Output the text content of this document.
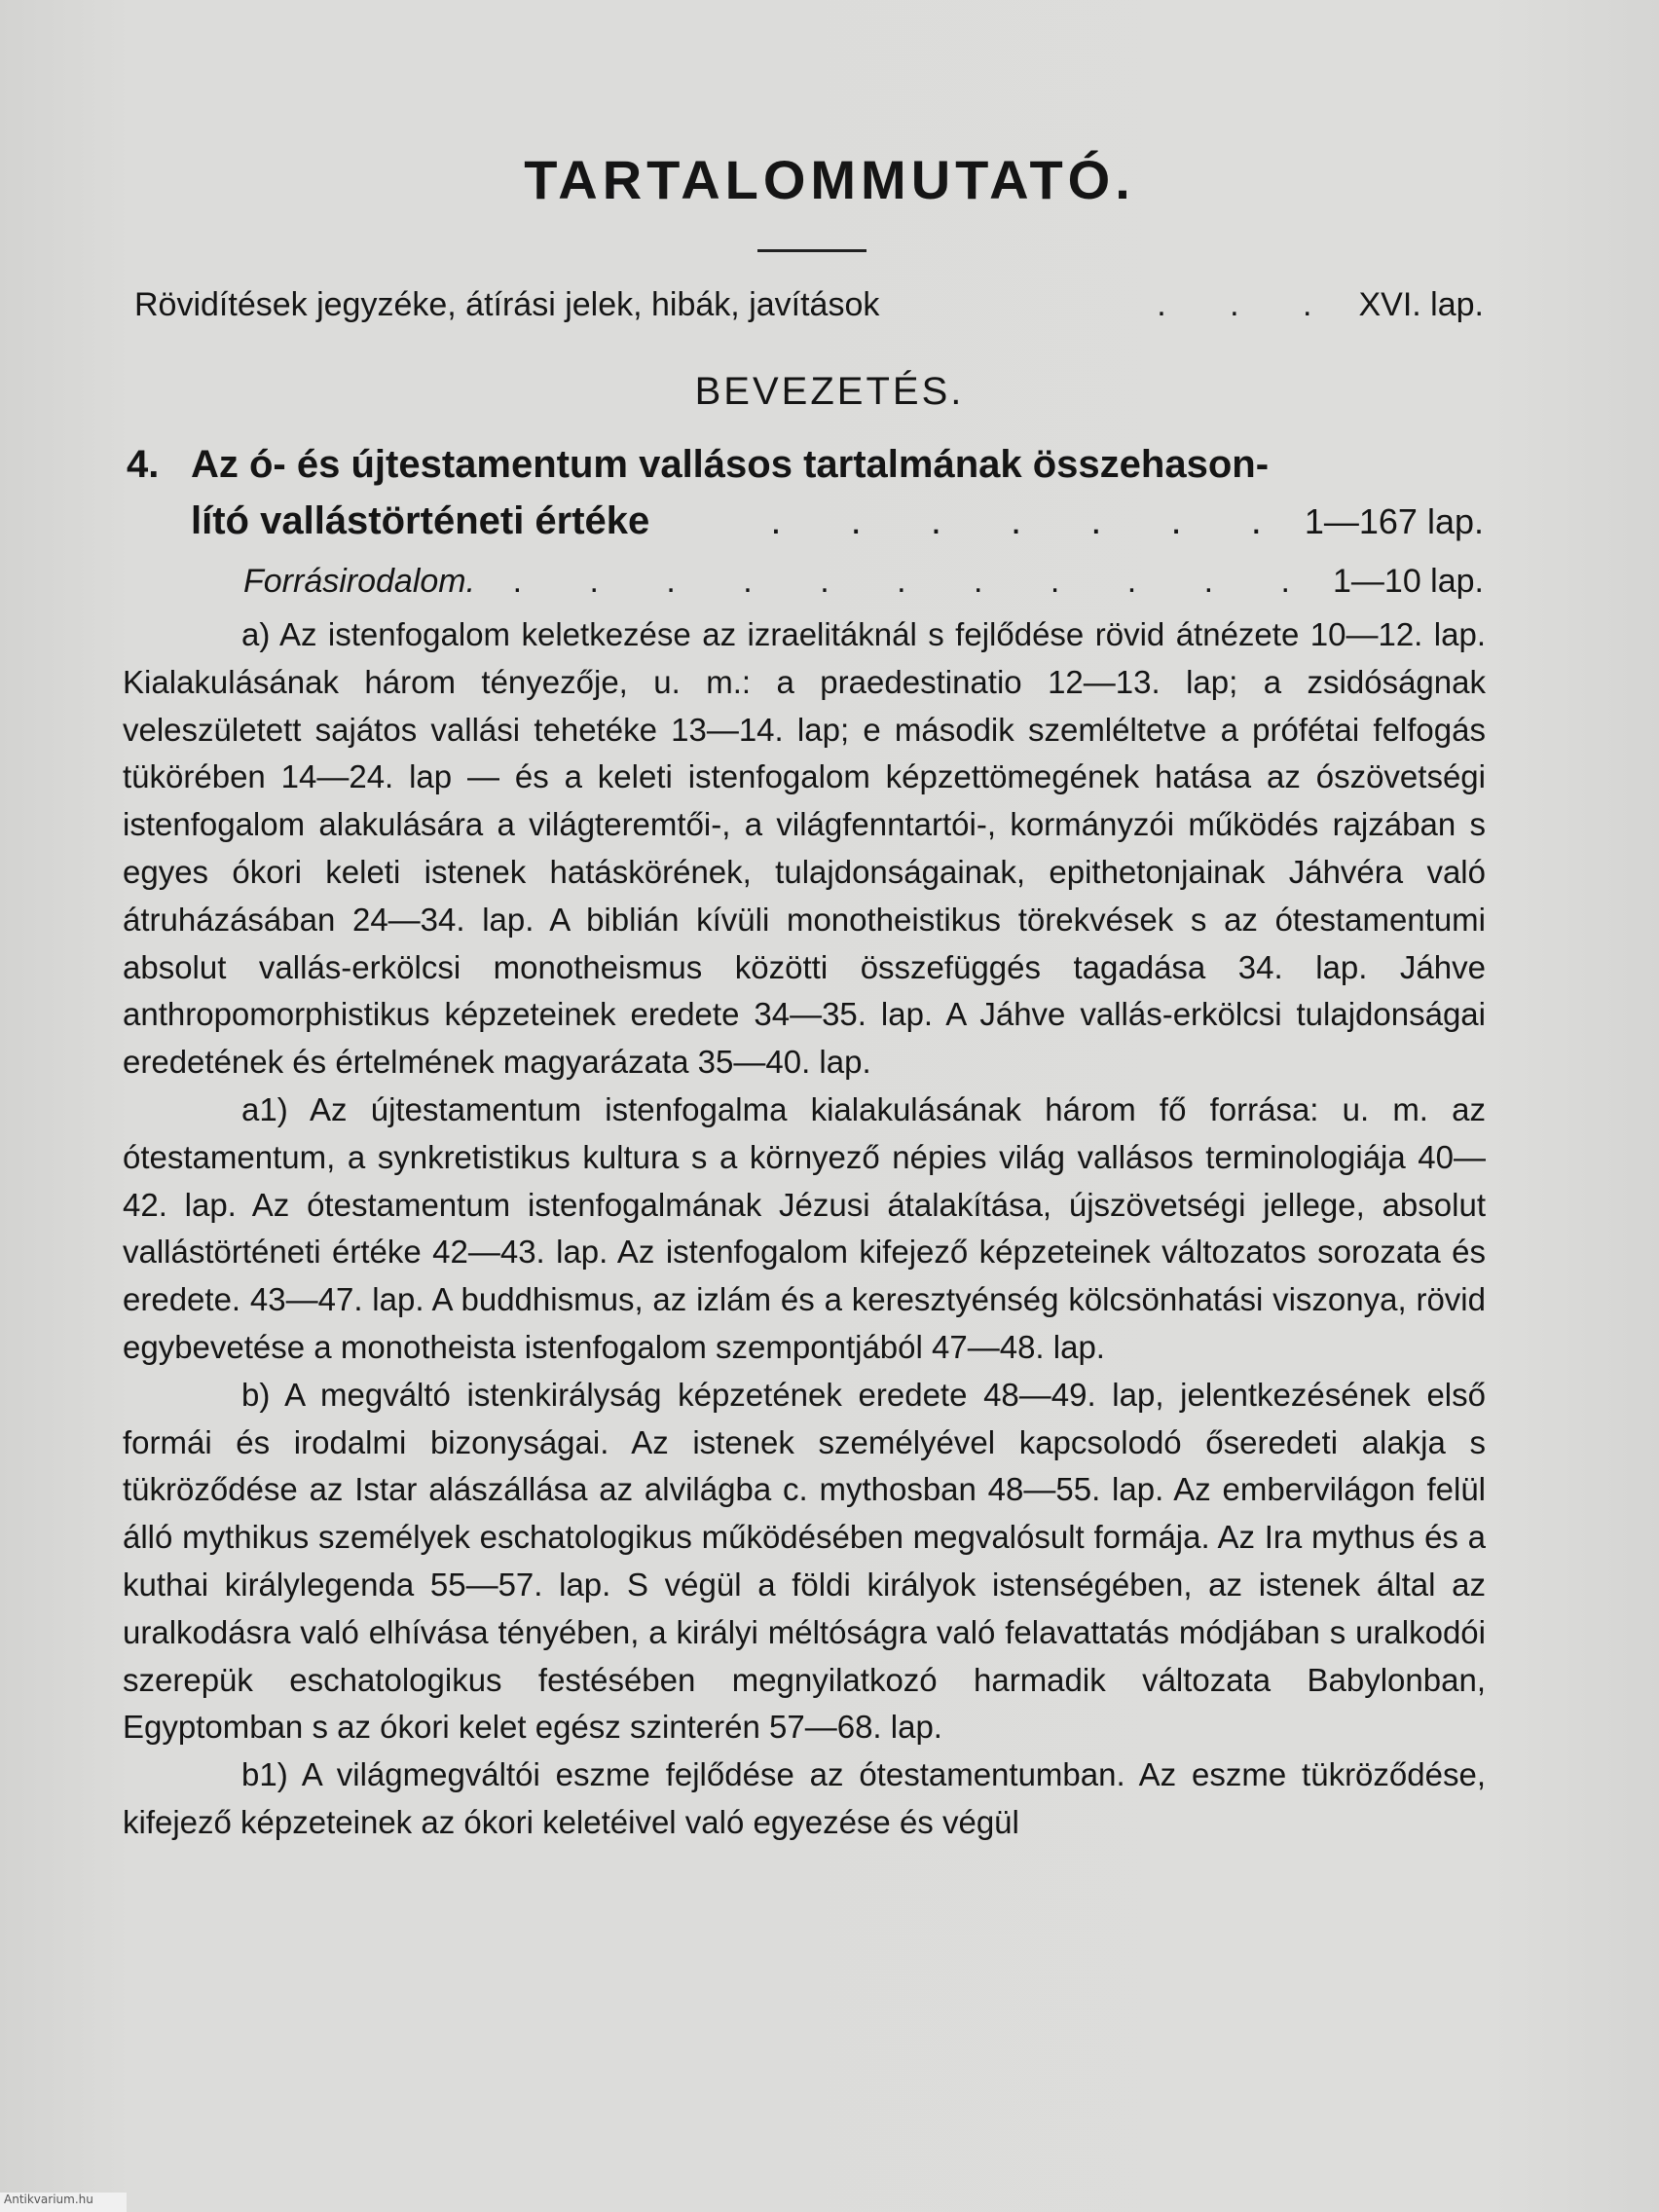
TARTALOMMUTATÓ.
Rövidítések jegyzéke, átírási jelek, hibák, javítások	. . . XVI. lap.
BEVEZETÉS.
4. Az ó- és újtestamentum vallásos tartalmának összehason-
lító vallástörténeti értéke	. . . . . . . 1—167 lap.
Forrásirodalom.	. . . . . . . . . . . 1—10 lap.

a) Az istenfogalom keletkezése az izraelitáknál s fejlődése rövid átnézete 10—12. lap. Kialakulásának három tényezője, u. m.: a praedestinatio 12—13. lap; a zsidóságnak veleszületett sajátos vallási tehetéke 13—14. lap; e második szemléltetve a prófétai felfogás tükörében 14—24. lap — és a keleti istenfogalom képzettömegének hatása az ószövetségi istenfogalom alakulására a világteremtői-, a világfenntartói-, kormányzói működés rajzában s egyes ókori keleti istenek hatáskörének, tulajdonságainak, epithetonjainak Jáhvéra való átruházásában 24—34. lap. A biblián kívüli monotheistikus törekvések s az ótestamentumi absolut vallás-erkölcsi monotheismus közötti összefüggés tagadása 34. lap. Jáhve anthropomorphistikus képzeteinek eredete 34—35. lap. A Jáhve vallás-erkölcsi tulajdonságai eredetének és értelmének magyarázata 35—40. lap.

a1) Az újtestamentum istenfogalma kialakulásának három fő forrása: u. m. az ótestamentum, a synkretistikus kultura s a környező népies világ vallásos terminologiája 40—42. lap. Az ótestamentum istenfogalmának Jézusi átalakítása, újszövetségi jellege, absolut vallástörténeti értéke 42—43. lap. Az istenfogalom kifejező képzeteinek változatos sorozata és eredete. 43—47. lap. A buddhismus, az izlám és a keresztyénség kölcsönhatási viszonya, rövid egybevetése a monotheista istenfogalom szempontjából 47—48. lap.

b) A megváltó istenkirályság képzetének eredete 48—49. lap, jelentkezésének első formái és irodalmi bizonyságai. Az istenek személyével kapcsolodó őseredeti alakja s tükröződése az Istar alászállása az alvilágba c. mythosban 48—55. lap. Az embervilágon felül álló mythikus személyek eschatologikus működésében megvalósult formája. Az Ira mythus és a kuthai királylegenda 55—57. lap. S végül a földi királyok istenségében, az istenek által az uralkodásra való elhívása tényében, a királyi méltóságra való felavattatás módjában s uralkodói szerepük eschatologikus festésében megnyilatkozó harmadik változata Babylonban, Egyptomban s az ókori kelet egész szinterén 57—68. lap.

b1) A világmegváltói eszme fejlődése az ótestamentumban. Az eszme tükröződése, kifejező képzeteinek az ókori keletéivel való egyezése és végül

Antikvarium.hu
